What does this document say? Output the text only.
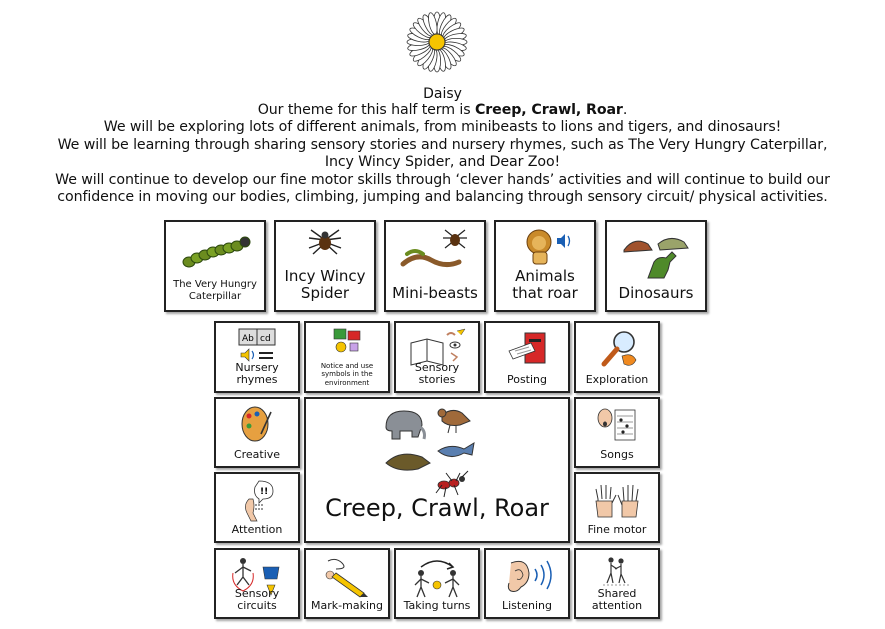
Daisy

Our theme for this half term is Creep, Crawl, Roar.

We will be exploring lots of different animals, from minibeasts to lions and tigers, and dinosaurs!

We will be learning through sharing sensory stories and nursery rhymes, such as The Very Hungry Caterpillar,

Incy Wincy Spider, and Dear Zoo!

We will continue to develop our fine motor skills through ‘clever hands’ activities and will continue to build our

confidence in moving our bodies, climbing, jumping and balancing through sensory circuit/ physical activities.

The Very Hungry Caterpillar
Incy Wincy Spider	Mini-beasts
Animals that roar	Dinosaurs
Ab cd
Nursery rhymes
Notice and use symbols in the environment
Sensory stories	Posting	Exploration
Creative
!!
Attention
Creep, Crawl, Roar
Songs
Fine motor
Sensory circuits	Mark-making	Taking turns	Listening
Shared attention
